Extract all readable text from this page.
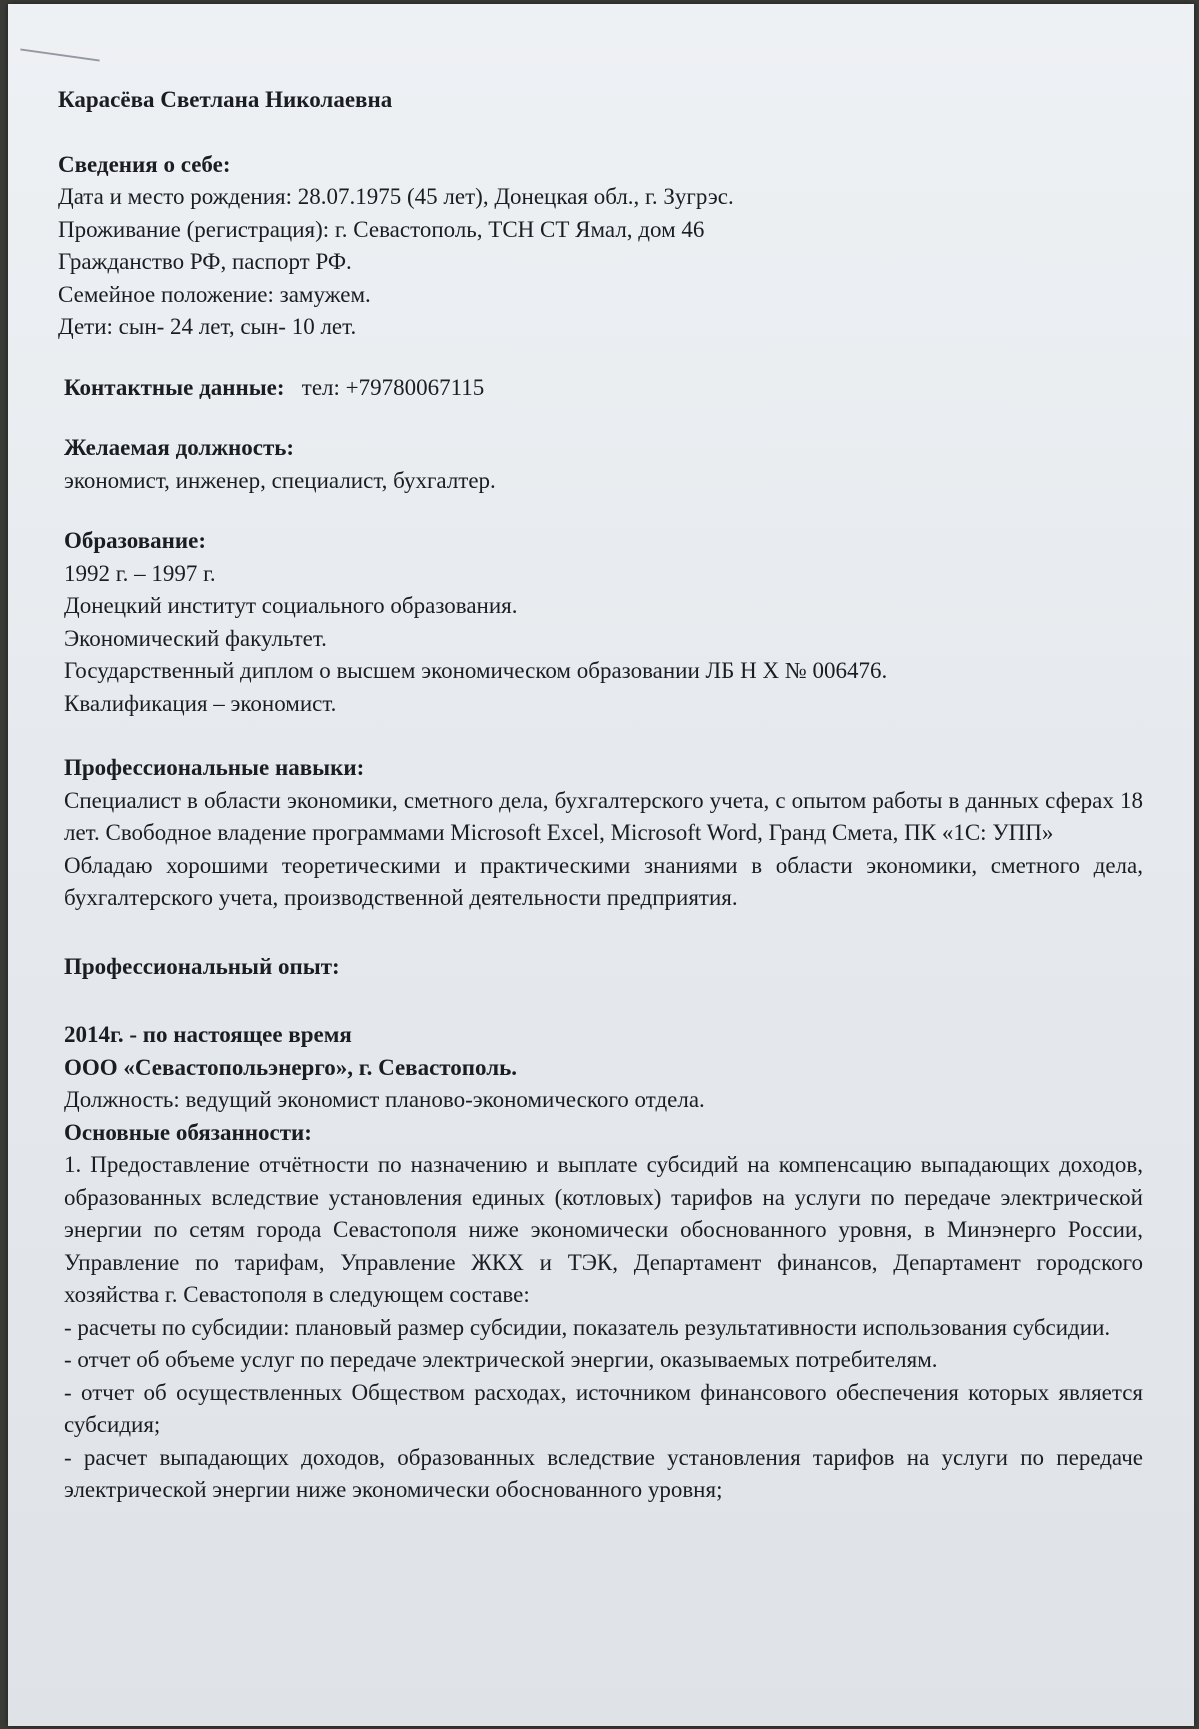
Карасёва Светлана Николаевна

Сведения о себе:

Дата и место рождения: 28.07.1975 (45 лет), Донецкая обл., г. Зугрэс.

Проживание (регистрация): г. Севастополь, ТСН СТ Ямал, дом 46

Гражданство РФ, паспорт РФ.

Семейное положение: замужем.

Дети: сын- 24 лет, сын- 10 лет.

Контактные данные: тел: +79780067115

Желаемая должность:

экономист, инженер, специалист, бухгалтер.

Образование:

1992 г. – 1997 г.

Донецкий институт социального образования.

Экономический факультет.

Государственный диплом о высшем экономическом образовании ЛБ Н Х № 006476.

Квалификация – экономист.

Профессиональные навыки:

Специалист в области экономики, сметного дела, бухгалтерского учета, с опытом работы в данных сферах 18 лет. Свободное владение программами Microsoft Excel, Microsoft Word, Гранд Смета, ПК «1С: УПП»

Обладаю хорошими теоретическими и практическими знаниями в области экономики, сметного дела, бухгалтерского учета, производственной деятельности предприятия.

Профессиональный опыт:

2014г. - по настоящее время

ООО «Севастопольэнерго», г. Севастополь.

Должность: ведущий экономист планово-экономического отдела.

Основные обязанности:

1. Предоставление отчётности по назначению и выплате субсидий на компенсацию выпадающих доходов, образованных вследствие установления единых (котловых) тарифов на услуги по передаче электрической энергии по сетям города Севастополя ниже экономически обоснованного уровня, в Минэнерго России, Управление по тарифам, Управление ЖКХ и ТЭК, Департамент финансов, Департамент городского хозяйства г. Севастополя в следующем составе:

- расчеты по субсидии: плановый размер субсидии, показатель результативности использования субсидии.

- отчет об объеме услуг по передаче электрической энергии, оказываемых потребителям.

- отчет об осуществленных Обществом расходах, источником финансового обеспечения которых является субсидия;

- расчет выпадающих доходов, образованных вследствие установления тарифов на услуги по передаче электрической энергии ниже экономически обоснованного уровня;
